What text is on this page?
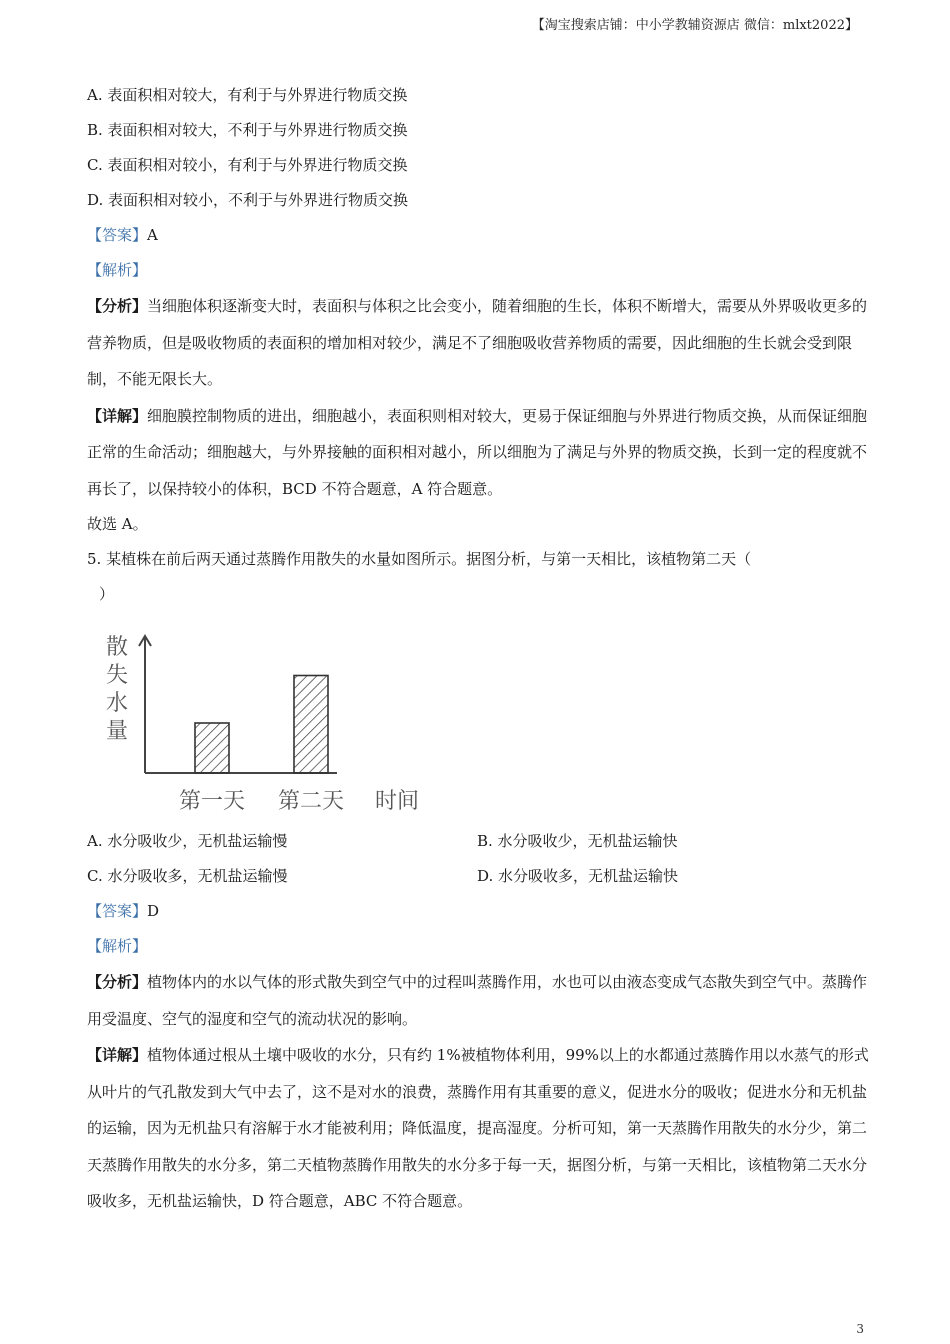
【淘宝搜索店铺：中小学教辅资源店 微信：mlxt2022】
A. 表面积相对较大，有利于与外界进行物质交换
B. 表面积相对较大，不利于与外界进行物质交换
C. 表面积相对较小，有利于与外界进行物质交换
D. 表面积相对较小，不利于与外界进行物质交换
【答案】A
【解析】
【分析】当细胞体积逐渐变大时，表面积与体积之比会变小，随着细胞的生长，体积不断增大，需要从外界吸收更多的营养物质，但是吸收物质的表面积的增加相对较少，满足不了细胞吸收营养物质的需要，因此细胞的生长就会受到限制，不能无限长大。
【详解】细胞膜控制物质的进出，细胞越小，表面积则相对较大，更易于保证细胞与外界进行物质交换，从而保证细胞正常的生命活动；细胞越大，与外界接触的面积相对越小，所以细胞为了满足与外界的物质交换，长到一定的程度就不再长了，以保持较小的体积，BCD 不符合题意，A 符合题意。
故选 A。
5. 某植株在前后两天通过蒸腾作用散失的水量如图所示。据图分析，与第一天相比，该植物第二天（
）
散
失
水
量
第一天 第二天 时间
A. 水分吸收少，无机盐运输慢	B. 水分吸收少，无机盐运输快
C. 水分吸收多，无机盐运输慢	D. 水分吸收多，无机盐运输快
【答案】D
【解析】
【分析】植物体内的水以气体的形式散失到空气中的过程叫蒸腾作用，水也可以由液态变成气态散失到空气中。蒸腾作用受温度、空气的湿度和空气的流动状况的影响。
【详解】植物体通过根从土壤中吸收的水分，只有约 1%被植物体利用，99%以上的水都通过蒸腾作用以水蒸气的形式从叶片的气孔散发到大气中去了，这不是对水的浪费，蒸腾作用有其重要的意义，促进水分的吸收；促进水分和无机盐的运输，因为无机盐只有溶解于水才能被利用；降低温度，提高湿度。分析可知，第一天蒸腾作用散失的水分少，第二天蒸腾作用散失的水分多，第二天植物蒸腾作用散失的水分多于每一天，据图分析，与第一天相比，该植物第二天水分吸收多，无机盐运输快，D 符合题意，ABC 不符合题意。
3
